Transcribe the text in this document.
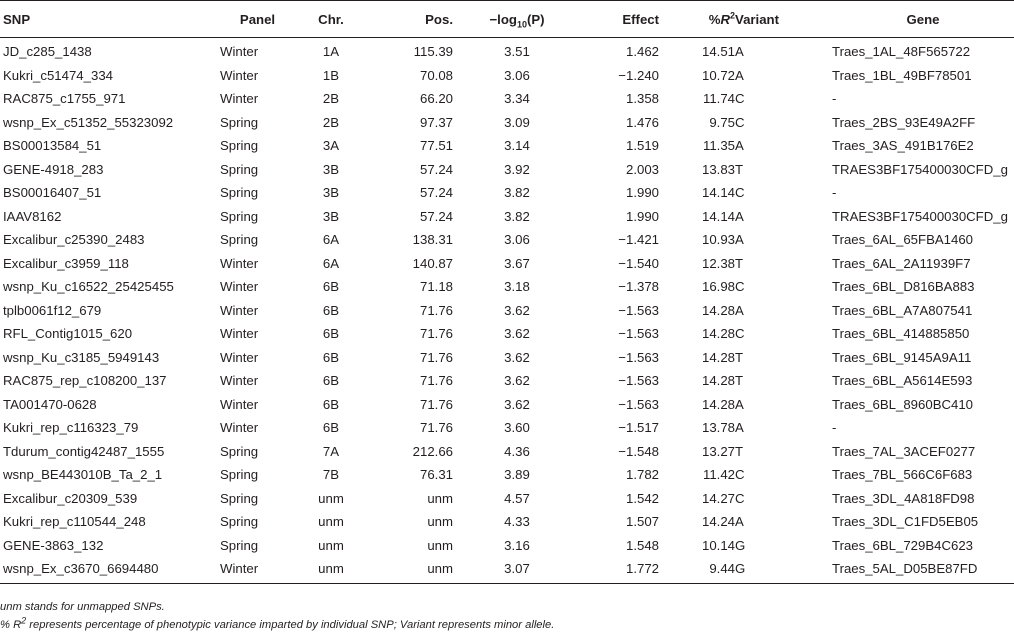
SNP	Panel	Chr.	Pos.	$-\log_{10}(P)$	Effect	$\%R^2$	Variant	Gene
JD_c285_1438	Winter	1A	115.39	3.51	1.462	14.51	A	Traes_1AL_48F565722
Kukri_c51474_334	Winter	1B	70.08	3.06	−1.240	10.72	A	Traes_1BL_49BF78501
RAC875_c1755_971	Winter	2B	66.20	3.34	1.358	11.74	C	-
wsnp_Ex_c51352_55323092	Spring	2B	97.37	3.09	1.476	9.75	C	Traes_2BS_93E49A2FF
BS00013584_51	Spring	3A	77.51	3.14	1.519	11.35	A	Traes_3AS_491B176E2
GENE-4918_283	Spring	3B	57.24	3.92	2.003	13.83	T	TRAES3BF175400030CFD_g
BS00016407_51	Spring	3B	57.24	3.82	1.990	14.14	C	-
IAAV8162	Spring	3B	57.24	3.82	1.990	14.14	A	TRAES3BF175400030CFD_g
Excalibur_c25390_2483	Spring	6A	138.31	3.06	−1.421	10.93	A	Traes_6AL_65FBA1460
Excalibur_c3959_118	Winter	6A	140.87	3.67	−1.540	12.38	T	Traes_6AL_2A11939F7
wsnp_Ku_c16522_25425455	Winter	6B	71.18	3.18	−1.378	16.98	C	Traes_6BL_D816BA883
tplb0061f12_679	Winter	6B	71.76	3.62	−1.563	14.28	A	Traes_6BL_A7A807541
RFL_Contig1015_620	Winter	6B	71.76	3.62	−1.563	14.28	C	Traes_6BL_414885850
wsnp_Ku_c3185_5949143	Winter	6B	71.76	3.62	−1.563	14.28	T	Traes_6BL_9145A9A11
RAC875_rep_c108200_137	Winter	6B	71.76	3.62	−1.563	14.28	T	Traes_6BL_A5614E593
TA001470-0628	Winter	6B	71.76	3.62	−1.563	14.28	A	Traes_6BL_8960BC410
Kukri_rep_c116323_79	Winter	6B	71.76	3.60	−1.517	13.78	A	-
Tdurum_contig42487_1555	Spring	7A	212.66	4.36	−1.548	13.27	T	Traes_7AL_3ACEF0277
wsnp_BE443010B_Ta_2_1	Spring	7B	76.31	3.89	1.782	11.42	C	Traes_7BL_566C6F683
Excalibur_c20309_539	Spring	unm	unm	4.57	1.542	14.27	C	Traes_3DL_4A818FD98
Kukri_rep_c110544_248	Spring	unm	unm	4.33	1.507	14.24	A	Traes_3DL_C1FD5EB05
GENE-3863_132	Spring	unm	unm	3.16	1.548	10.14	G	Traes_6BL_729B4C623
wsnp_Ex_c3670_6694480	Winter	unm	unm	3.07	1.772	9.44	G	Traes_5AL_D05BE87FD
unm stands for unmapped SNPs.
% $R^2$ represents percentage of phenotypic variance imparted by individual SNP; Variant represents minor allele.
